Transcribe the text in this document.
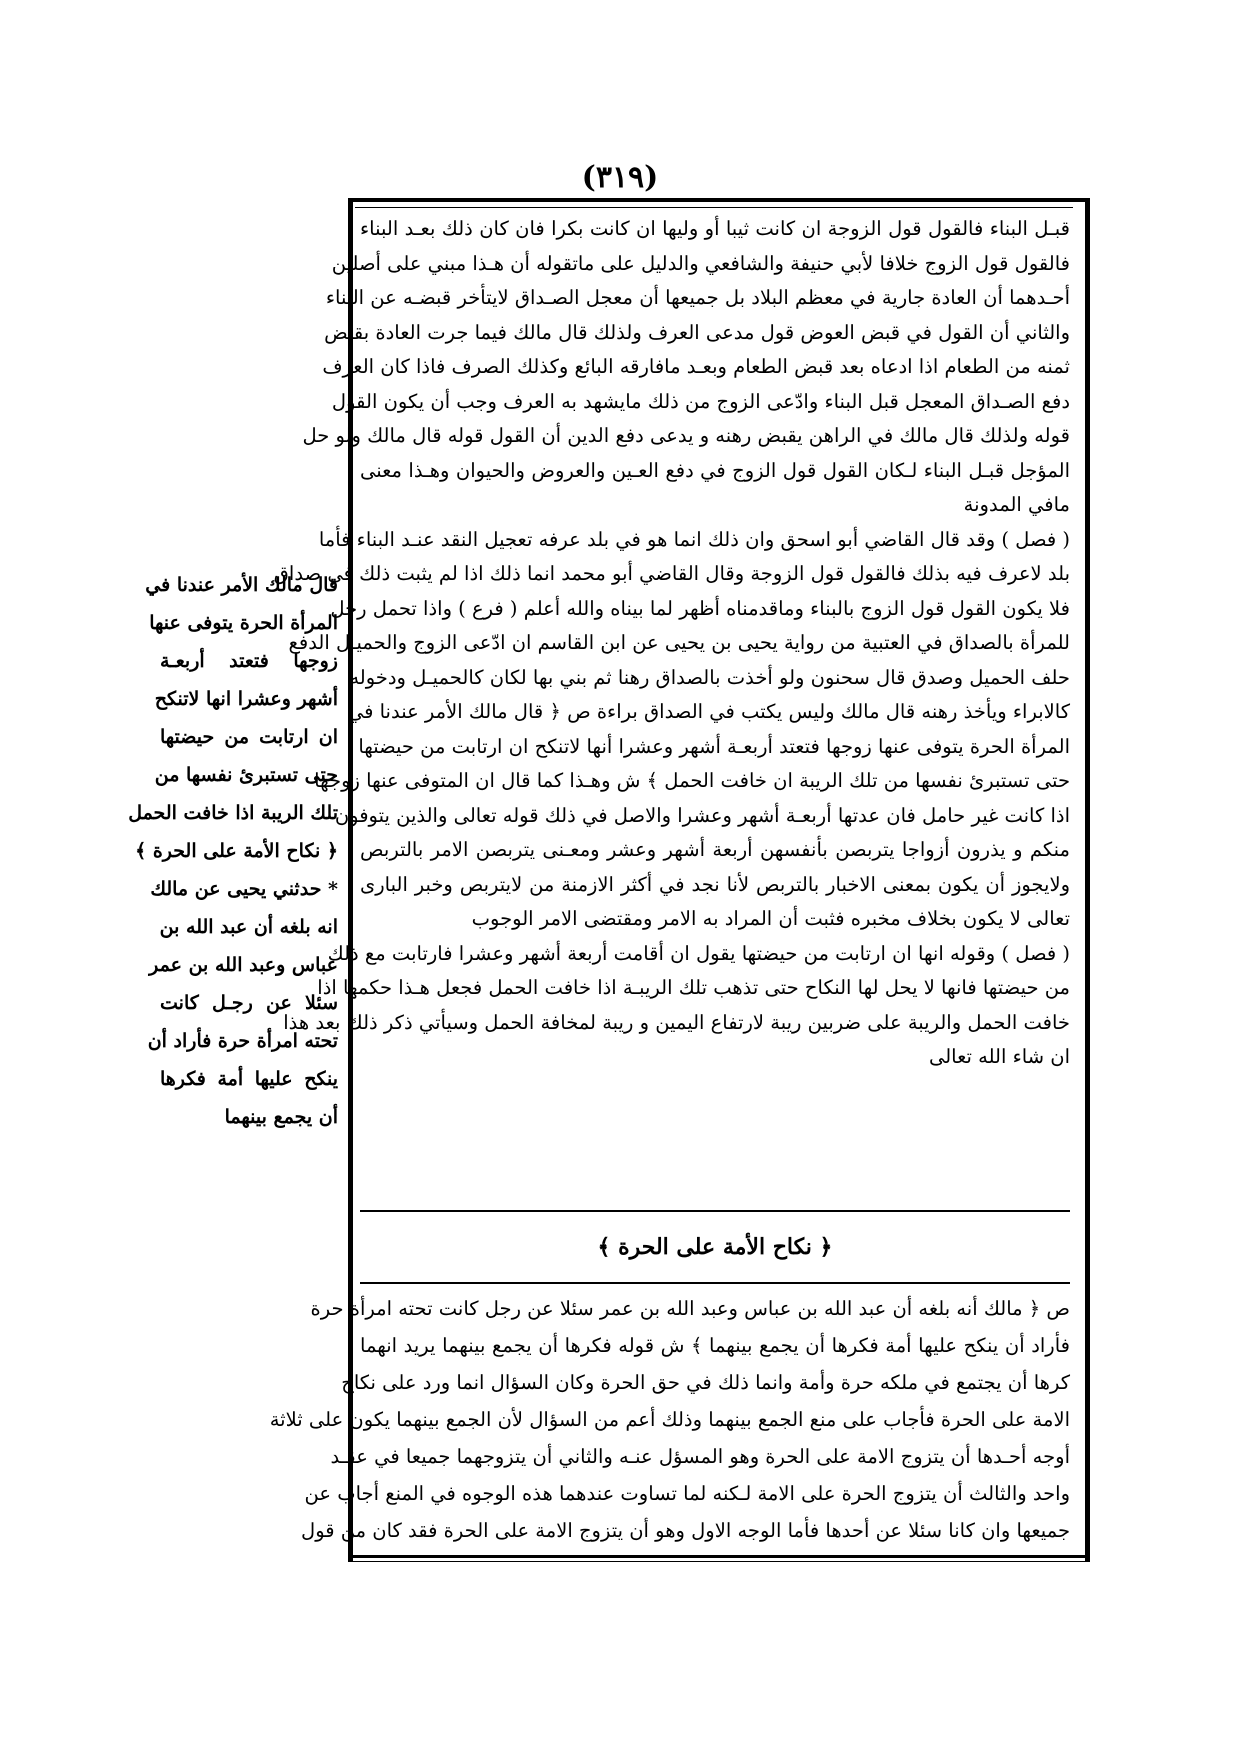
(٣١٩)
قبـل البناء فالقول قول الزوجة ان كانت ثيبا أو وليها ان كانت بكرا فان كان ذلك بعـد البناء
فالقول قول الزوج خلافا لأبي حنيفة والشافعي والدليل على ماتقوله أن هـذا مبني على أصلين
أحـدهما أن العادة جارية في معظم البلاد بل جميعها أن معجل الصـداق لايتأخر قبضـه عن البناء
والثاني أن القول في قبض العوض قول مدعى العرف ولذلك قال مالك فيما جرت العادة بقبض
ثمنه من الطعام اذا ادعاه بعد قبض الطعام وبعـد مافارقه البائع وكذلك الصرف فاذا كان العرف
دفع الصـداق المعجل قبل البناء وادّعى الزوج من ذلك مايشهد به العرف وجب أن يكون القول
قوله ولذلك قال مالك في الراهن يقبض رهنه و يدعى دفع الدين أن القول قوله قال مالك ولو حل
المؤجل قبـل البناء لـكان القول قول الزوج في دفع العـين والعروض والحيوان وهـذا معنى
مافي المدونة
( فصل ) وقد قال القاضي أبو اسحق وان ذلك انما هو في بلد عرفه تعجيل النقد عنـد البناء فأما
بلد لاعرف فيه بذلك فالقول قول الزوجة وقال القاضي أبو محمد انما ذلك اذا لم يثبت ذلك في صداق
فلا يكون القول قول الزوج بالبناء وماقدمناه أظهر لما بيناه والله أعلم ( فرع ) واذا تحمل رجل
للمرأة بالصداق في العتبية من رواية يحيى بن يحيى عن ابن القاسم ان ادّعى الزوج والحميـل الدفع
حلف الحميل وصدق قال سحنون ولو أخذت بالصداق رهنا ثم بني بها لكان كالحميـل ودخوله
كالابراء ويأخذ رهنه قال مالك وليس يكتب في الصداق براءة ص ﴿ قال مالك الأمر عندنا في
المرأة الحرة يتوفى عنها زوجها فتعتد أربعـة أشهر وعشرا أنها لاتنكح ان ارتابت من حيضتها
حتى تستبرئ نفسها من تلك الريبة ان خافت الحمل ﴾ ش وهـذا كما قال ان المتوفى عنها زوجها
اذا كانت غير حامل فان عدتها أربعـة أشهر وعشرا والاصل في ذلك قوله تعالى والذين يتوفون
منكم و يذرون أزواجا يتربصن بأنفسهن أربعة أشهر وعشر ومعـنى يتربصن الامر بالتربص
ولايجوز أن يكون بمعنى الاخبار بالتربص لأنا نجد في أكثر الازمنة من لايتربص وخبر البارى
تعالى لا يكون بخلاف مخبره فثبت أن المراد به الامر ومقتضى الامر الوجوب
( فصل ) وقوله انها ان ارتابت من حيضتها يقول ان أقامت أربعة أشهر وعشرا فارتابت مع ذلك
من حيضتها فانها لا يحل لها النكاح حتى تذهب تلك الريبـة اذا خافت الحمل فجعل هـذا حكمها اذا
خافت الحمل والريبة على ضربين ريبة لارتفاع اليمين و ريبة لمخافة الحمل وسيأتي ذكر ذلك بعد هذا
ان شاء الله تعالى
﴿ نكاح الأمة على الحرة ﴾
ص ﴿ مالك أنه بلغه أن عبد الله بن عباس وعبد الله بن عمر سئلا عن رجل كانت تحته امرأة حرة
فأراد أن ينكح عليها أمة فكرها أن يجمع بينهما ﴾ ش قوله فكرها أن يجمع بينهما يريد انهما
كرها أن يجتمع في ملكه حرة وأمة وانما ذلك في حق الحرة وكان السؤال انما ورد على نكاح
الامة على الحرة فأجاب على منع الجمع بينهما وذلك أعم من السؤال لأن الجمع بينهما يكون على ثلاثة
أوجه أحـدها أن يتزوج الامة على الحرة وهو المسؤل عنـه والثاني أن يتزوجهما جميعا في عقـد
واحد والثالث أن يتزوج الحرة على الامة لـكنه لما تساوت عندهما هذه الوجوه في المنع أجاب عن
جميعها وان كانا سئلا عن أحدها فأما الوجه الاول وهو أن يتزوج الامة على الحرة فقد كان من قول
قال مالك الأمر عندنا في
المرأة الحرة يتوفى عنها
زوجها فتعتد أربعـة
أشهر وعشرا انها لاتنكح
ان ارتابت من حيضتها
حتى تستبرئ نفسها من
تلك الريبة اذا خافت الحمل
﴿ نكاح الأمة على الحرة ﴾
* حدثني يحيى عن مالك
انه بلغه أن عبد الله بن
عباس وعبد الله بن عمر
سئلا عن رجـل كانت
تحته امرأة حرة فأراد أن
ينكح عليها أمة فكرها
أن يجمع بينهما
